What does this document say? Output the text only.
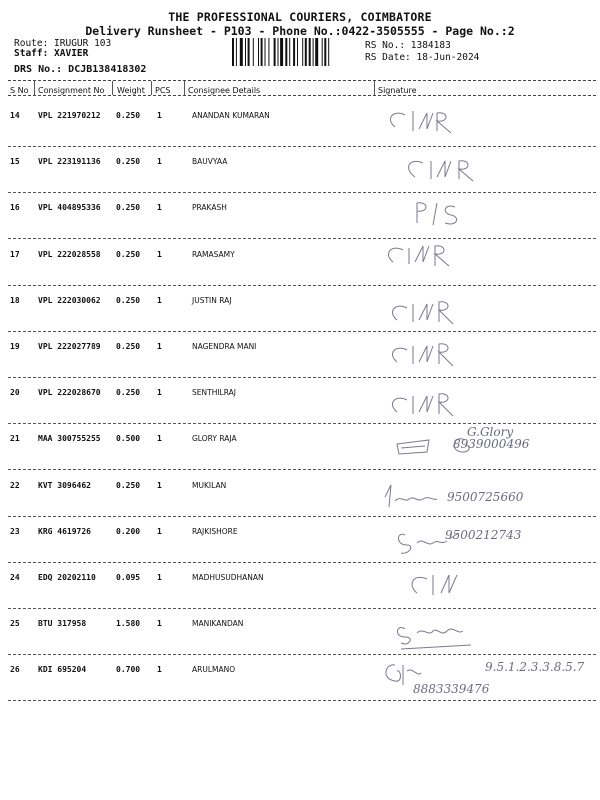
THE PROFESSIONAL COURIERS, COIMBATORE
Delivery Runsheet - P103 - Phone No.:0422-3505555 - Page No.:2
Route: IRUGUR 103
Staff: XAVIER
DRS No.: DCJB138418302
RS No.: 1384183
RS Date: 18-Jun-2024
S No Consignment No Weight PCS Consignee Details	Signature
14 VPL 221970212 0.250 1	ANANDAN KUMARAN
15 VPL 223191136 0.250 1	BAUVYAA
16 VPL 404895336 0.250 1	PRAKASH
17 VPL 222028558 0.250 1	RAMASAMY
18 VPL 222030062 0.250 1	JUSTIN RAJ
19 VPL 222027789 0.250 1	NAGENDRA MANI
20 VPL 222028670 0.250 1	SENTHILRAJ
21 MAA 300755255 0.500 1	GLORY RAJA	G.Glory
8939000496
22 KVT 3096462	0.250 1	MUKILAN
9500725660
23 KRG 4619726	0.200 1	RAJKISHORE	9500212743
24 EDQ 20202110	0.095 1	MADHUSUDHANAN
25 BTU 317958	1.580 1	MANIKANDAN
26 KDI 695204	0.700 1	ARULMANO
8883339476
9.5.1.2.3.3.8.5.7
